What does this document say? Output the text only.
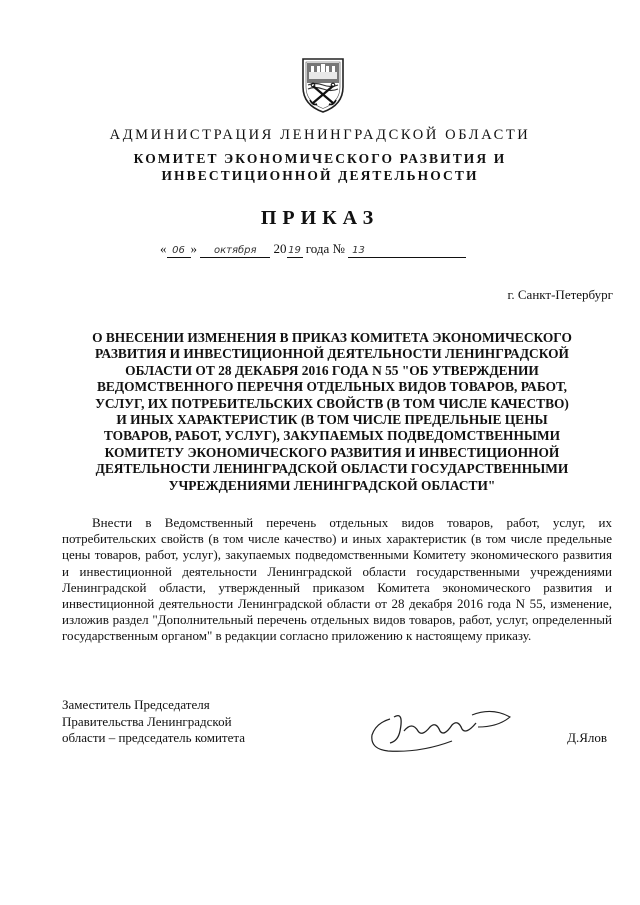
АДМИНИСТРАЦИЯ ЛЕНИНГРАДСКОЙ ОБЛАСТИ
КОМИТЕТ ЭКОНОМИЧЕСКОГО РАЗВИТИЯ И
ИНВЕСТИЦИОННОЙ ДЕЯТЕЛЬНОСТИ
ПРИКАЗ
« 06 » октября 20 19 года № 13
г. Санкт-Петербург
О ВНЕСЕНИИ ИЗМЕНЕНИЯ В ПРИКАЗ КОМИТЕТА ЭКОНОМИЧЕСКОГО
РАЗВИТИЯ И ИНВЕСТИЦИОННОЙ ДЕЯТЕЛЬНОСТИ ЛЕНИНГРАДСКОЙ
ОБЛАСТИ ОТ 28 ДЕКАБРЯ 2016 ГОДА N 55 "ОБ УТВЕРЖДЕНИИ
ВЕДОМСТВЕННОГО ПЕРЕЧНЯ ОТДЕЛЬНЫХ ВИДОВ ТОВАРОВ, РАБОТ,
УСЛУГ, ИХ ПОТРЕБИТЕЛЬСКИХ СВОЙСТВ (В ТОМ ЧИСЛЕ КАЧЕСТВО)
И ИНЫХ ХАРАКТЕРИСТИК (В ТОМ ЧИСЛЕ ПРЕДЕЛЬНЫЕ ЦЕНЫ
ТОВАРОВ, РАБОТ, УСЛУГ), ЗАКУПАЕМЫХ ПОДВЕДОМСТВЕННЫМИ
КОМИТЕТУ ЭКОНОМИЧЕСКОГО РАЗВИТИЯ И ИНВЕСТИЦИОННОЙ
ДЕЯТЕЛЬНОСТИ ЛЕНИНГРАДСКОЙ ОБЛАСТИ ГОСУДАРСТВЕННЫМИ
УЧРЕЖДЕНИЯМИ ЛЕНИНГРАДСКОЙ ОБЛАСТИ"
Внести в Ведомственный перечень отдельных видов товаров, работ, услуг, их потребительских свойств (в том числе качество) и иных характеристик (в том числе предельные цены товаров, работ, услуг), закупаемых подведомственными Комитету экономического развития и инвестиционной деятельности Ленинградской области государственными учреждениями Ленинградской области, утвержденный приказом Комитета экономического развития и инвестиционной деятельности Ленинградской области от 28 декабря 2016 года N 55, изменение, изложив раздел "Дополнительный перечень отдельных видов товаров, работ, услуг, определенный государственным органом" в редакции согласно приложению к настоящему приказу.
Заместитель Председателя
Правительства Ленинградской
области – председатель комитета	Д.Ялов
